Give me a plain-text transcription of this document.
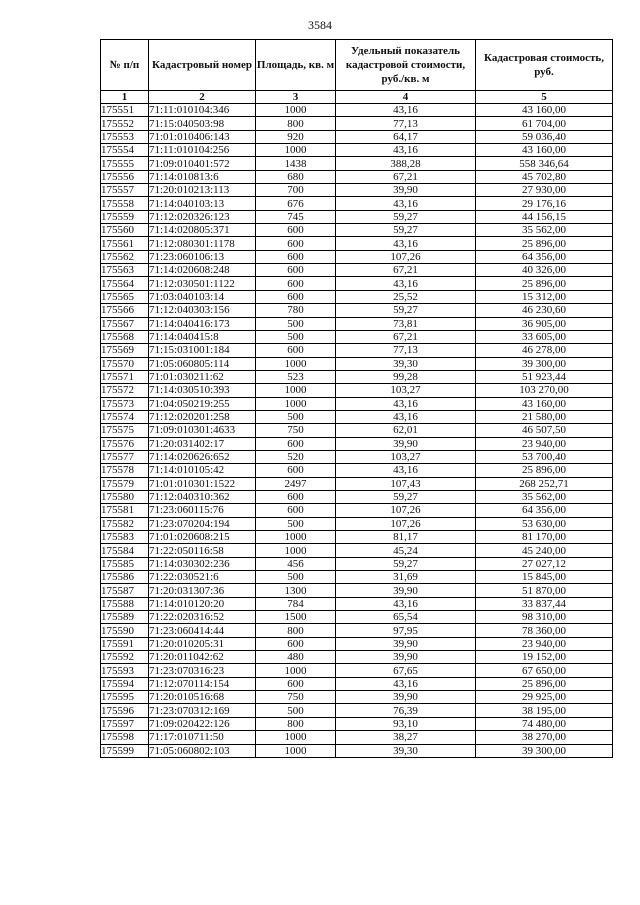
3584
№ п/п	Кадастровый номер	Площадь, кв. м	Удельный показатель кадастровой стоимости, руб./кв. м	Кадастровая стоимость, руб.
1	2	3	4	5
175551	71:11:010104:346	1000	43,16	43 160,00
175552	71:15:040503:98	800	77,13	61 704,00
175553	71:01:010406:143	920	64,17	59 036,40
175554	71:11:010104:256	1000	43,16	43 160,00
175555	71:09:010401:572	1438	388,28	558 346,64
175556	71:14:010813:6	680	67,21	45 702,80
175557	71:20:010213:113	700	39,90	27 930,00
175558	71:14:040103:13	676	43,16	29 176,16
175559	71:12:020326:123	745	59,27	44 156,15
175560	71:14:020805:371	600	59,27	35 562,00
175561	71:12:080301:1178	600	43,16	25 896,00
175562	71:23:060106:13	600	107,26	64 356,00
175563	71:14:020608:248	600	67,21	40 326,00
175564	71:12:030501:1122	600	43,16	25 896,00
175565	71:03:040103:14	600	25,52	15 312,00
175566	71:12:040303:156	780	59,27	46 230,60
175567	71:14:040416:173	500	73,81	36 905,00
175568	71:14:040415:8	500	67,21	33 605,00
175569	71:15:031001:184	600	77,13	46 278,00
175570	71:05:060805:114	1000	39,30	39 300,00
175571	71:01:030211:62	523	99,28	51 923,44
175572	71:14:030510:393	1000	103,27	103 270,00
175573	71:04:050219:255	1000	43,16	43 160,00
175574	71:12:020201:258	500	43,16	21 580,00
175575	71:09:010301:4633	750	62,01	46 507,50
175576	71:20:031402:17	600	39,90	23 940,00
175577	71:14:020626:652	520	103,27	53 700,40
175578	71:14:010105:42	600	43,16	25 896,00
175579	71:01:010301:1522	2497	107,43	268 252,71
175580	71:12:040310:362	600	59,27	35 562,00
175581	71:23:060115:76	600	107,26	64 356,00
175582	71:23:070204:194	500	107,26	53 630,00
175583	71:01:020608:215	1000	81,17	81 170,00
175584	71:22:050116:58	1000	45,24	45 240,00
175585	71:14:030302:236	456	59,27	27 027,12
175586	71:22:030521:6	500	31,69	15 845,00
175587	71:20:031307:36	1300	39,90	51 870,00
175588	71:14:010120:20	784	43,16	33 837,44
175589	71:22:020316:52	1500	65,54	98 310,00
175590	71:23:060414:44	800	97,95	78 360,00
175591	71:20:010205:31	600	39,90	23 940,00
175592	71:20:011042:62	480	39,90	19 152,00
175593	71:23:070316:23	1000	67,65	67 650,00
175594	71:12:070114:154	600	43,16	25 896,00
175595	71:20:010516:68	750	39,90	29 925,00
175596	71:23:070312:169	500	76,39	38 195,00
175597	71:09:020422:126	800	93,10	74 480,00
175598	71:17:010711:50	1000	38,27	38 270,00
175599	71:05:060802:103	1000	39,30	39 300,00
